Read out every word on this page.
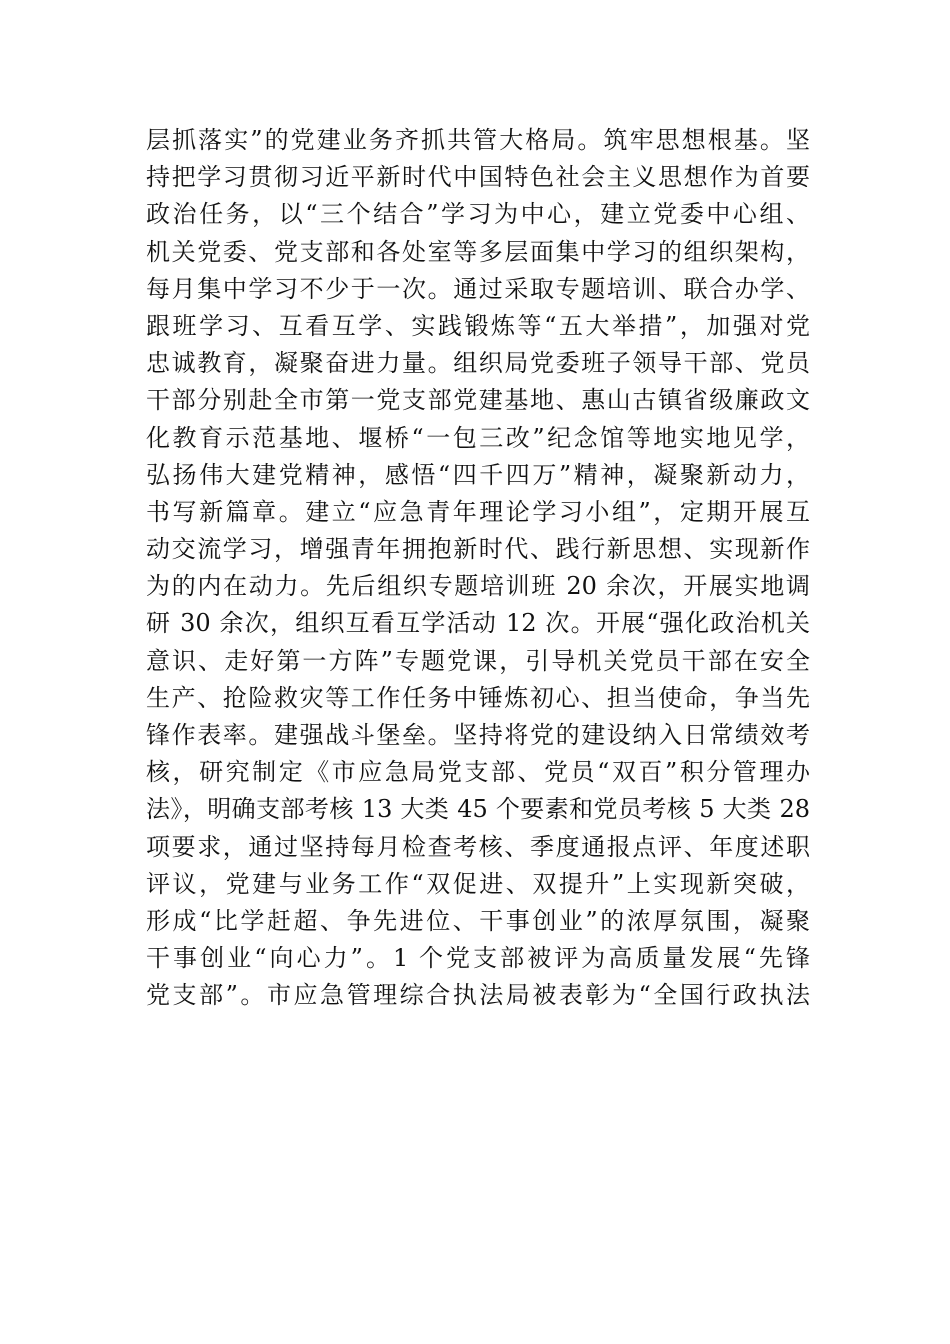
层抓落实”的党建业务齐抓共管大格局。筑牢思想根基。坚
持把学习贯彻习近平新时代中国特色社会主义思想作为首要
政治任务，以“三个结合”学习为中心，建立党委中心组、
机关党委、党支部和各处室等多层面集中学习的组织架构，
每月集中学习不少于一次。通过采取专题培训、联合办学、
跟班学习、互看互学、实践锻炼等“五大举措”，加强对党
忠诚教育，凝聚奋进力量。组织局党委班子领导干部、党员
干部分别赴全市第一党支部党建基地、惠山古镇省级廉政文
化教育示范基地、堰桥“一包三改”纪念馆等地实地见学，
弘扬伟大建党精神，感悟“四千四万”精神，凝聚新动力，
书写新篇章。建立“应急青年理论学习小组”，定期开展互
动交流学习，增强青年拥抱新时代、践行新思想、实现新作
为的内在动力。先后组织专题培训班 20 余次，开展实地调
研 30 余次，组织互看互学活动 12 次。开展“强化政治机关
意识、走好第一方阵”专题党课，引导机关党员干部在安全
生产、抢险救灾等工作任务中锤炼初心、担当使命，争当先
锋作表率。建强战斗堡垒。坚持将党的建设纳入日常绩效考
核，研究制定《市应急局党支部、党员“双百”积分管理办
法》，明确支部考核 13 大类 45 个要素和党员考核 5 大类 28
项要求，通过坚持每月检查考核、季度通报点评、年度述职
评议，党建与业务工作“双促进、双提升”上实现新突破，
形成“比学赶超、争先进位、干事创业”的浓厚氛围，凝聚
干事创业“向心力”。1 个党支部被评为高质量发展“先锋
党支部”。市应急管理综合执法局被表彰为“全国行政执法
